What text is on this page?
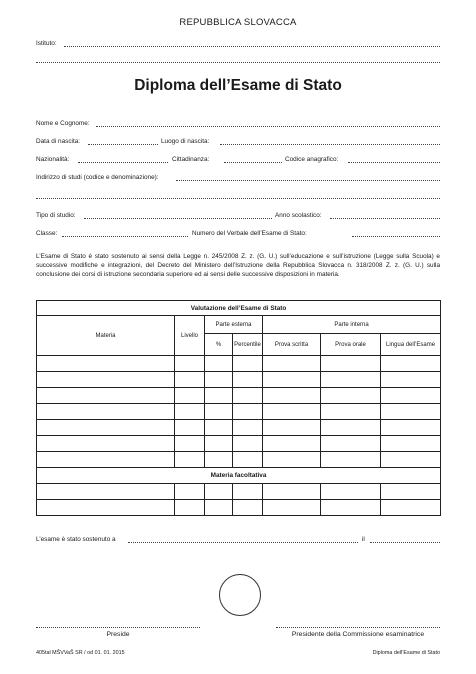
REPUBBLICA SLOVACCA
Istituto:
Diploma dell’Esame di Stato
Nome e Cognome:
Data di nascita:	Luogo di nascita:
Nazionalità:	Cittadinanza:	Codice anagrafico:
Indirizzo di studi (codice e denominazione):
Tipo di studio:	Anno scolastico:
Classe:	Numero del Verbale dell’Esame di Stato:
L’Esame di Stato è stato sostenuto ai sensi della Legge n. 245/2008 Z. z. (G. U.) sull’educazione e sull’istruzione (Legge sulla Scuola) e successive modifiche e integrazioni, del Decreto del Ministero dell’Istruzione della Repubblica Slovacca n. 318/2008 Z. z. (G. U.) sulla conclusione dei corsi di istruzione secondaria superiore ed ai sensi delle successive disposizioni in materia.
Valutazione dell’Esame di Stato						
Materia	Livello	Parte esterna		Parte interna		
		%	Percentile	Prova scritta	Prova orale	Lingua dell’Esame

Materia facoltativa						

L’esame è stato sostenuto a	il
Preside	Presidente della Commissione esaminatrice
405tal MŠVVaŠ SR / od 01. 01. 2015	Diploma dell’Esame di Stato
